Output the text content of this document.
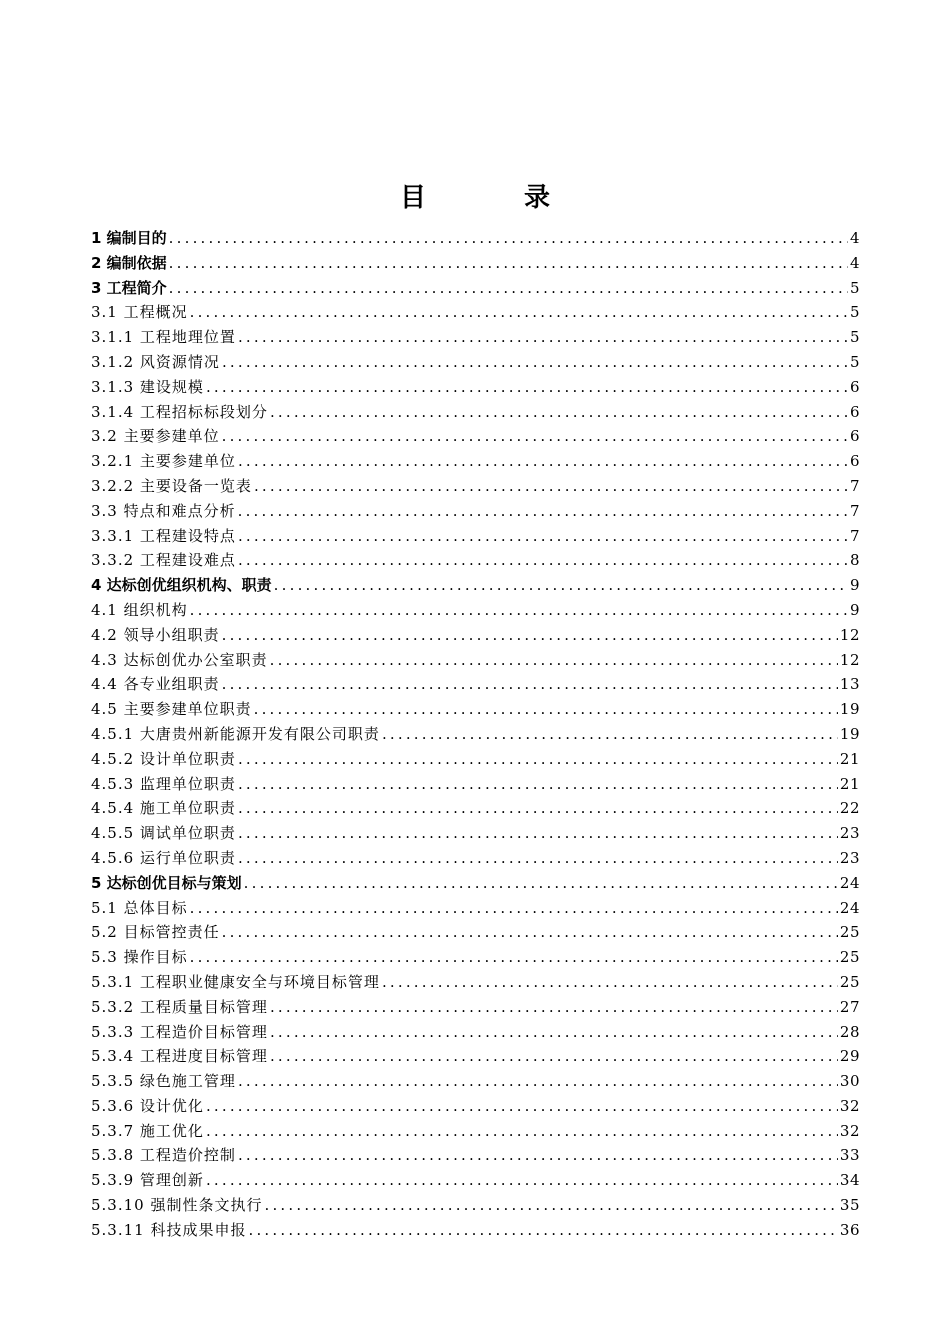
目　录
1 编制目的 .....	4
2 编制依据 .....	4
3 工程简介 .....	5
3.1 工程概况 .....	5
3.1.1 工程地理位置 .....	5
3.1.2 风资源情况 .....	5
3.1.3 建设规模 .....	6
3.1.4 工程招标标段划分 .....	6
3.2 主要参建单位 .....	6
3.2.1 主要参建单位 .....	6
3.2.2 主要设备一览表 .....	7
3.3 特点和难点分析 .....	7
3.3.1 工程建设特点 .....	7
3.3.2 工程建设难点 .....	8
4 达标创优组织机构、职责 .....	9
4.1 组织机构 .....	9
4.2 领导小组职责 .....	12
4.3 达标创优办公室职责 .....	12
4.4 各专业组职责 .....	13
4.5 主要参建单位职责 .....	19
4.5.1 大唐贵州新能源开发有限公司职责 .....	19
4.5.2 设计单位职责 .....	21
4.5.3 监理单位职责 .....	21
4.5.4 施工单位职责 .....	22
4.5.5 调试单位职责 .....	23
4.5.6 运行单位职责 .....	23
5 达标创优目标与策划 .....	24
5.1 总体目标 .....	24
5.2 目标管控责任 .....	25
5.3 操作目标 .....	25
5.3.1 工程职业健康安全与环境目标管理 .....	25
5.3.2 工程质量目标管理 .....	27
5.3.3 工程造价目标管理 .....	28
5.3.4 工程进度目标管理 .....	29
5.3.5 绿色施工管理 .....	30
5.3.6 设计优化 .....	32
5.3.7 施工优化 .....	32
5.3.8 工程造价控制 .....	33
5.3.9 管理创新 .....	34
5.3.10 强制性条文执行 .....	35
5.3.11 科技成果申报 .....	36
